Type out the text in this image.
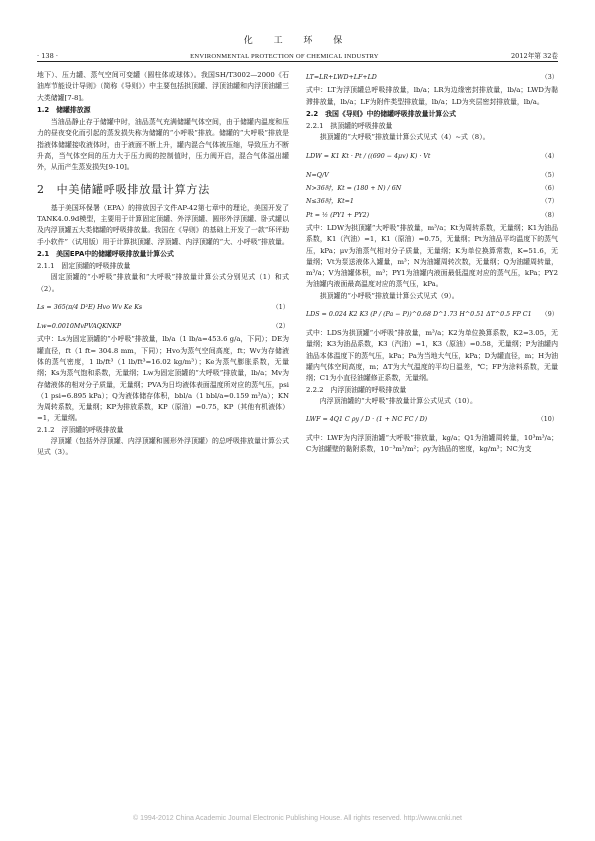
化 工 环 保
· 138 ·	ENVIRONMENTAL PROTECTION OF CHEMICAL INDUSTRY	2012年第 32卷

地下）、压力罐、蒸气空间可变罐（圆柱体或球体）。我国SH/T3002—2000《石油库节能设计导则》（简称《导则》）中主要包括拱顶罐、浮顶油罐和内浮顶油罐三大类储罐[7-8]。

1.2　储罐排放源

当油品静止存于储罐中时，油品蒸气充满储罐气体空间，由于储罐内温度和压力的昼夜变化而引起的蒸发损失称为储罐的“小呼吸”排放。储罐的“大呼吸”排放是指液体储罐接收液体时，由于液面不断上升，罐内混合气体被压缩，导致压力不断升高，当气体空间的压力大于压力阀的控制值时，压力阀开启，混合气体溢出罐外，从而产生蒸发损失[9-10]。

2　中美储罐呼吸排放量计算方法

基于美国环保署（EPA）的排放因子文件AP-42第七章中的理论，美国开发了TANK4.0.9d模型，主要用于计算固定顶罐、外浮顶罐、圆形外浮顶罐、卧式罐以及内浮顶罐五大类储罐的呼吸排放量。我国在《导则》的基础上开发了一款“环评助手小软件”（试用版）用于计算拱顶罐、浮顶罐、内浮顶罐的“大、小呼吸”排放量。

2.1　美国EPA中的储罐呼吸排放量计算公式

2.1.1　固定顶罐的呼吸排放量

固定顶罐的“小呼吸”排放量和“大呼吸”排放量计算公式分别见式（1）和式（2）。

Ls = 365(π/4 D²E) Hvo Wv Ke Ks	（1）
Lw=0.0010MvPVAQKNKP	（2）

式中：Ls为固定顶罐的“小呼吸”排放量，lb/a（1 lb/a=453.6 g/a，下同）；DE为罐直径，ft（1 ft= 304.8 mm，下同）；Hvo为蒸气空间高度，ft；Wv为存储液体的蒸气密度，1 lb/ft³（1 lb/ft³=16.02 kg/m³）；Ke为蒸气膨胀系数，无量纲；Ks为蒸气饱和系数，无量纲；Lw为固定顶罐的“大呼吸”排放量，lb/a；Mv为存储液体的相对分子质量，无量纲；PVA为日均液体表面温度所对应的蒸气压，psi（1 psi=6.895 kPa）；Q为液体储存体积，bbl/a（1 bbl/a=0.159 m³/a）；KN为周转系数，无量纲；KP为排放系数，KP（原油）=0.75，KP（其他有机液体）=1，无量纲。

2.1.2　浮顶罐的呼吸排放量

浮顶罐（包括外浮顶罐、内浮顶罐和圆形外浮顶罐）的总呼吸排放量计算公式见式（3）。

LT=LR+LWD+LF+LD	（3）

式中：LT为浮顶罐总呼吸排放量，lb/a；LR为边缘密封排放量，lb/a；LWD为黏滞排放量，lb/a；LF为附件类型排放量，lb/a；LD为夹层密封排放量，lb/a。

2.2　我国《导则》中的储罐呼吸排放量计算公式

2.2.1　拱顶罐的呼吸排放量

拱顶罐的“大呼吸”排放量计算公式见式（4）~式（8）。

LDW = K1 Kt · Pt / ((690 − 4μv) K) · Vt	（4）
N=Q/V	（5）
N>36时，Kt = (180 + N) / 6N	（6）
N≤36时，Kt=1	（7）
Pt = ½ (PY1 + PY2)	（8）

式中：LDW为拱顶罐“大呼吸”排放量，m³/a；Kt为周转系数，无量纲；K1为油品系数，K1（汽油）=1，K1（原油）=0.75，无量纲；Pt为油品平均温度下的蒸气压，kPa；μv为油蒸气相对分子质量，无量纲；K为单位换算常数，K=51.6，无量纲；Vt为泵送液体入罐量，m³；N为油罐周转次数，无量纲；Q为油罐周转量，m³/a；V为油罐体积，m³；PY1为油罐内液面最低温度对应的蒸气压，kPa；PY2为油罐内液面最高温度对应的蒸气压，kPa。

拱顶罐的“小呼吸”排放量计算公式见式（9）。

LDS = 0.024 K2 K3 (P / (Pa − P))^0.68 D^1.73 H^0.51 ΔT^0.5 FP C1 （9）

式中：LDS为拱顶罐“小呼吸”排放量，m³/a；K2为单位换算系数，K2=3.05，无量纲；K3为油品系数，K3（汽油）=1，K3（原油）=0.58，无量纲；P为油罐内油品本体温度下的蒸气压，kPa；Pa为当地大气压，kPa；D为罐直径，m；H为油罐内气体空间高度，m；ΔT为大气温度的平均日温差，℃；FP为涂料系数，无量纲；C1为小直径油罐修正系数，无量纲。

2.2.2　内浮顶油罐的呼吸排放量

内浮顶油罐的“大呼吸”排放量计算公式见式（10）。

LWF = 4Q1 C ρy / D · (1 + NC FC / D)	（10）

式中：LWF为内浮顶油罐“大呼吸”排放量，kg/a；Q1为油罐周转量，10³m³/a；C为油罐壁的黏附系数，10⁻³m³/m²；ρy为油品的密度，kg/m³；NC为支

© 1994-2012 China Academic Journal Electronic Publishing House. All rights reserved. http://www.cnki.net
